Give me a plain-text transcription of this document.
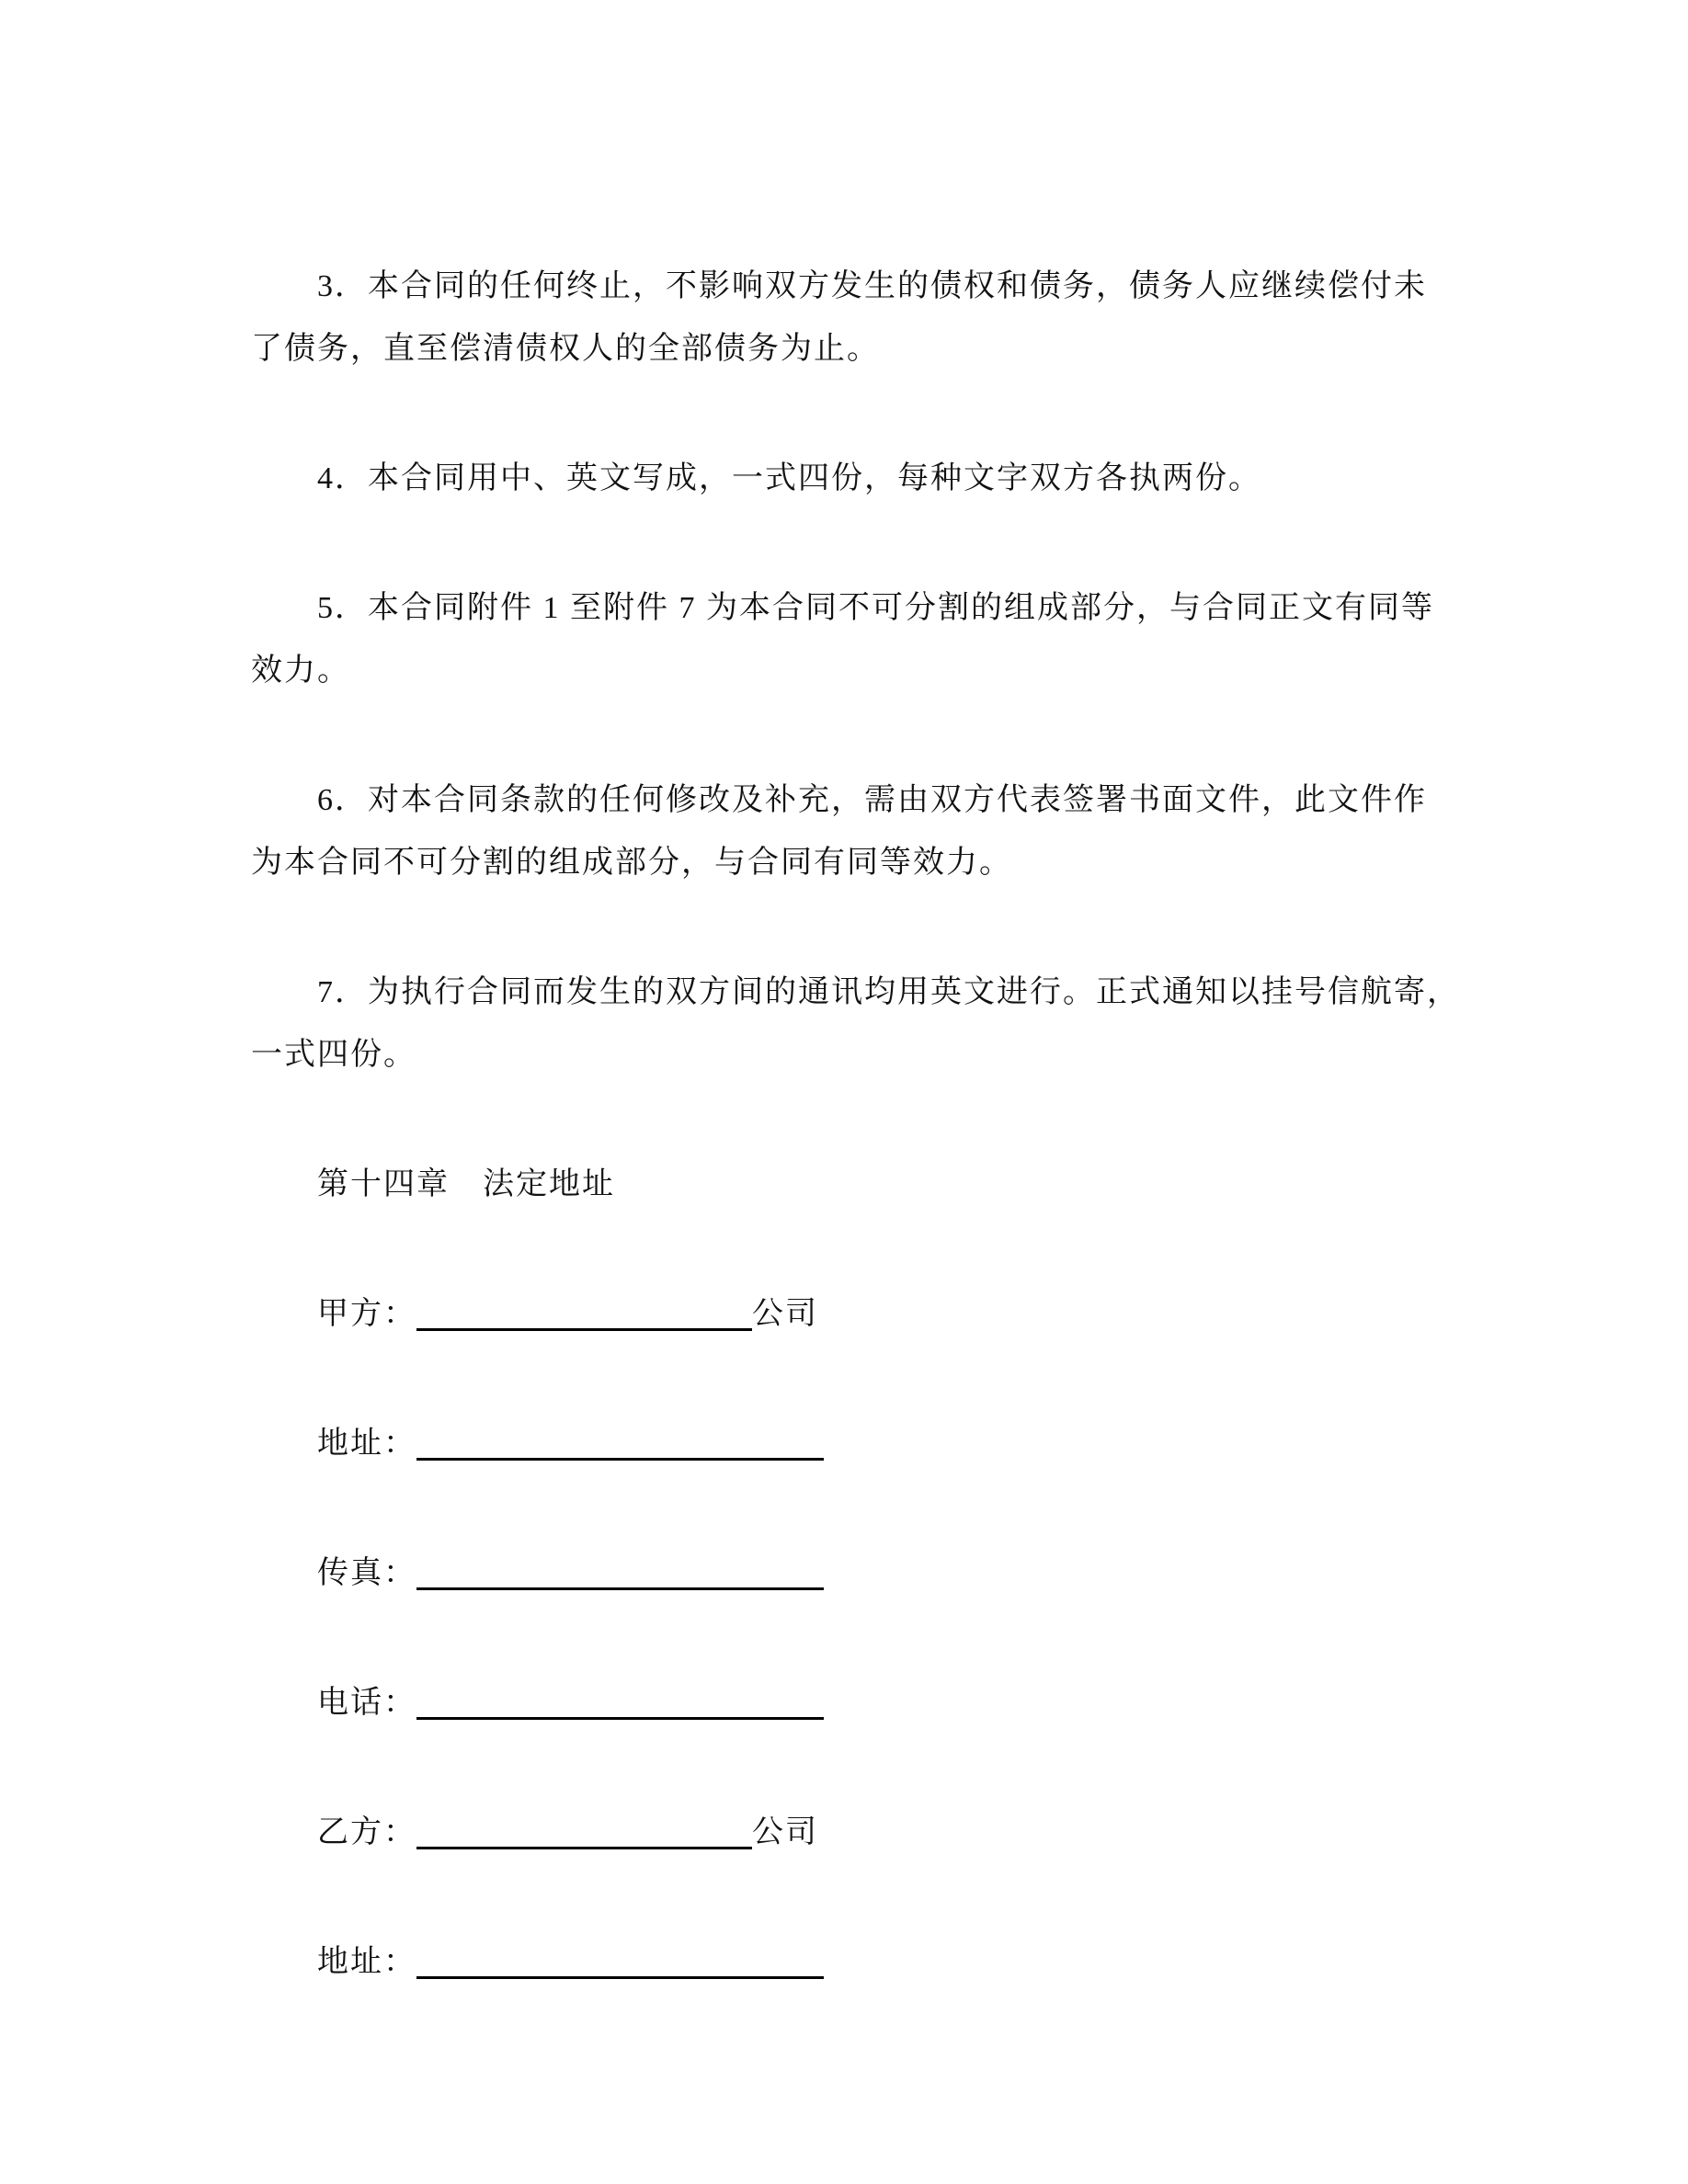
3．本合同的任何终止，不影响双方发生的债权和债务，债务人应继续偿付未
了债务，直至偿清债权人的全部债务为止。

4．本合同用中、英文写成，一式四份，每种文字双方各执两份。

5．本合同附件 1 至附件 7 为本合同不可分割的组成部分，与合同正文有同等
效力。

6．对本合同条款的任何修改及补充，需由双方代表签署书面文件，此文件作
为本合同不可分割的组成部分，与合同有同等效力。

7．为执行合同而发生的双方间的通讯均用英文进行。正式通知以挂号信航寄，
一式四份。

第十四章　法定地址

甲方：	公司

地址：

传真：

电话：

乙方：	公司

地址：
